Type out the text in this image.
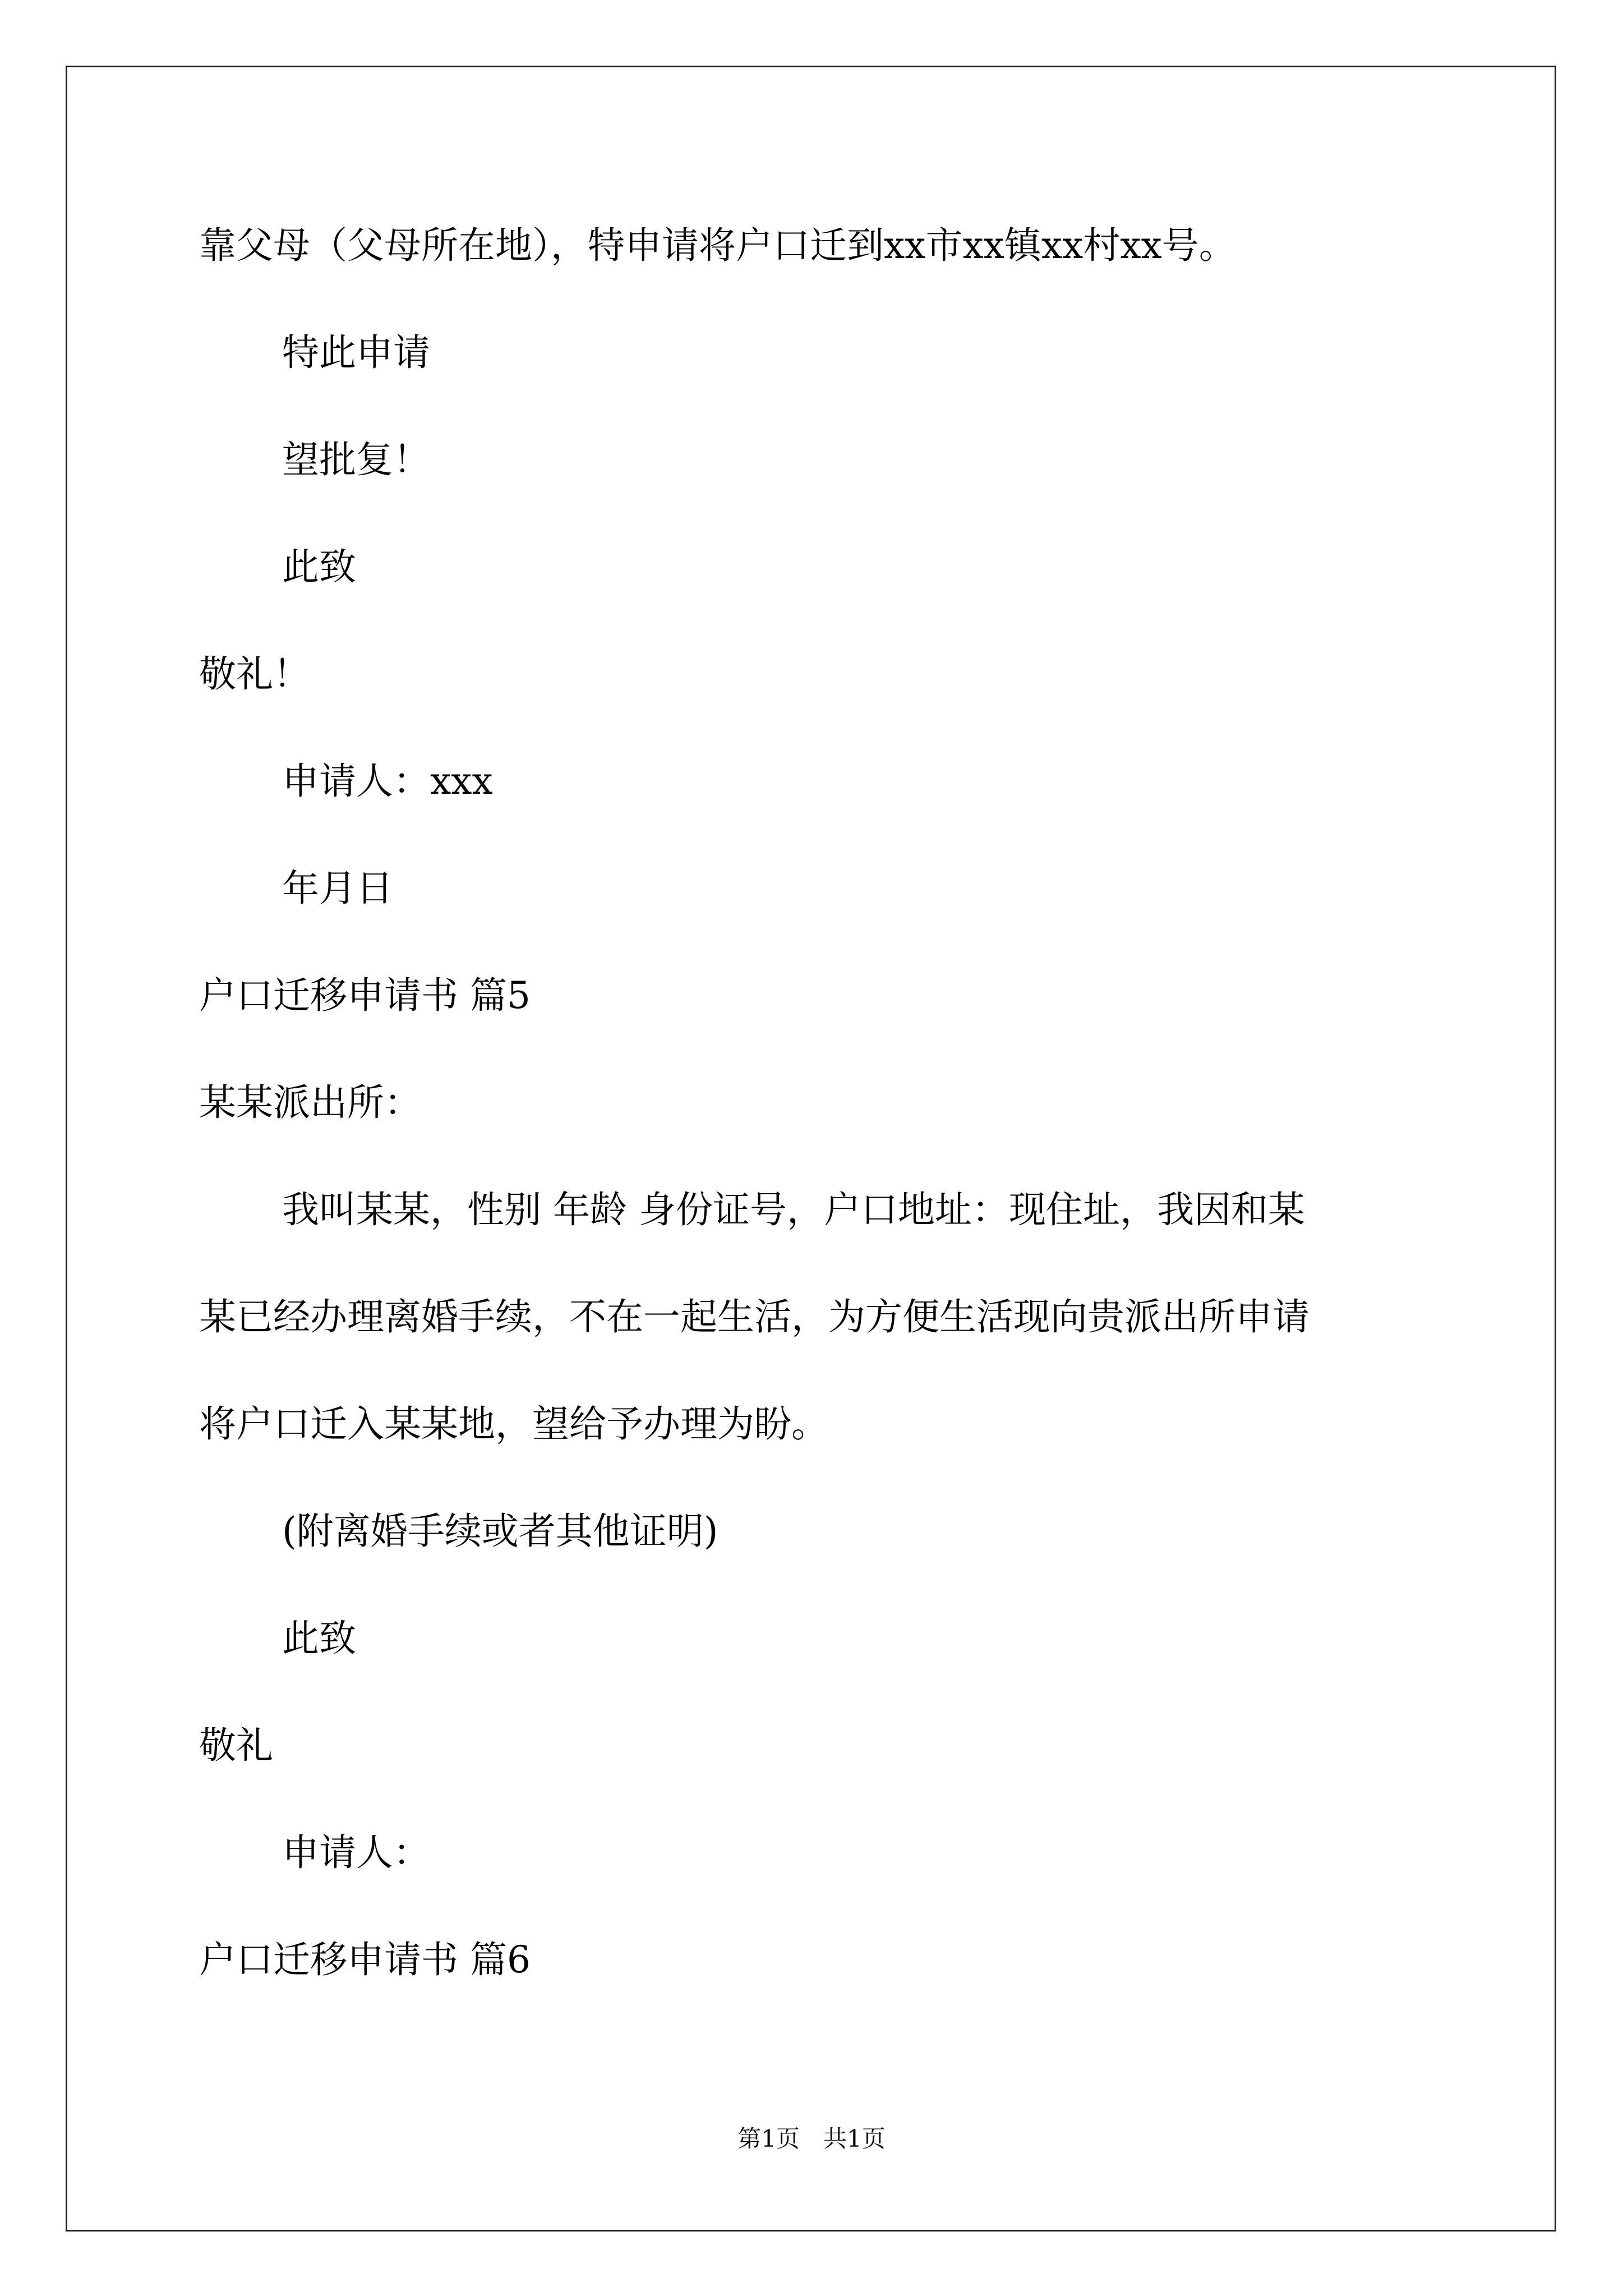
靠父母（父母所在地），特申请将户口迁到xx市xx镇xx村xx号。

特此申请

望批复！

此致

敬礼！

申请人：xxx

年月日

户口迁移申请书 篇5

某某派出所：

我叫某某，性别 年龄 身份证号，户口地址：现住址，我因和某

某已经办理离婚手续，不在一起生活，为方便生活现向贵派出所申请

将户口迁入某某地，望给予办理为盼。

(附离婚手续或者其他证明)

此致

敬礼

申请人：

户口迁移申请书 篇6

第1页　共1页
